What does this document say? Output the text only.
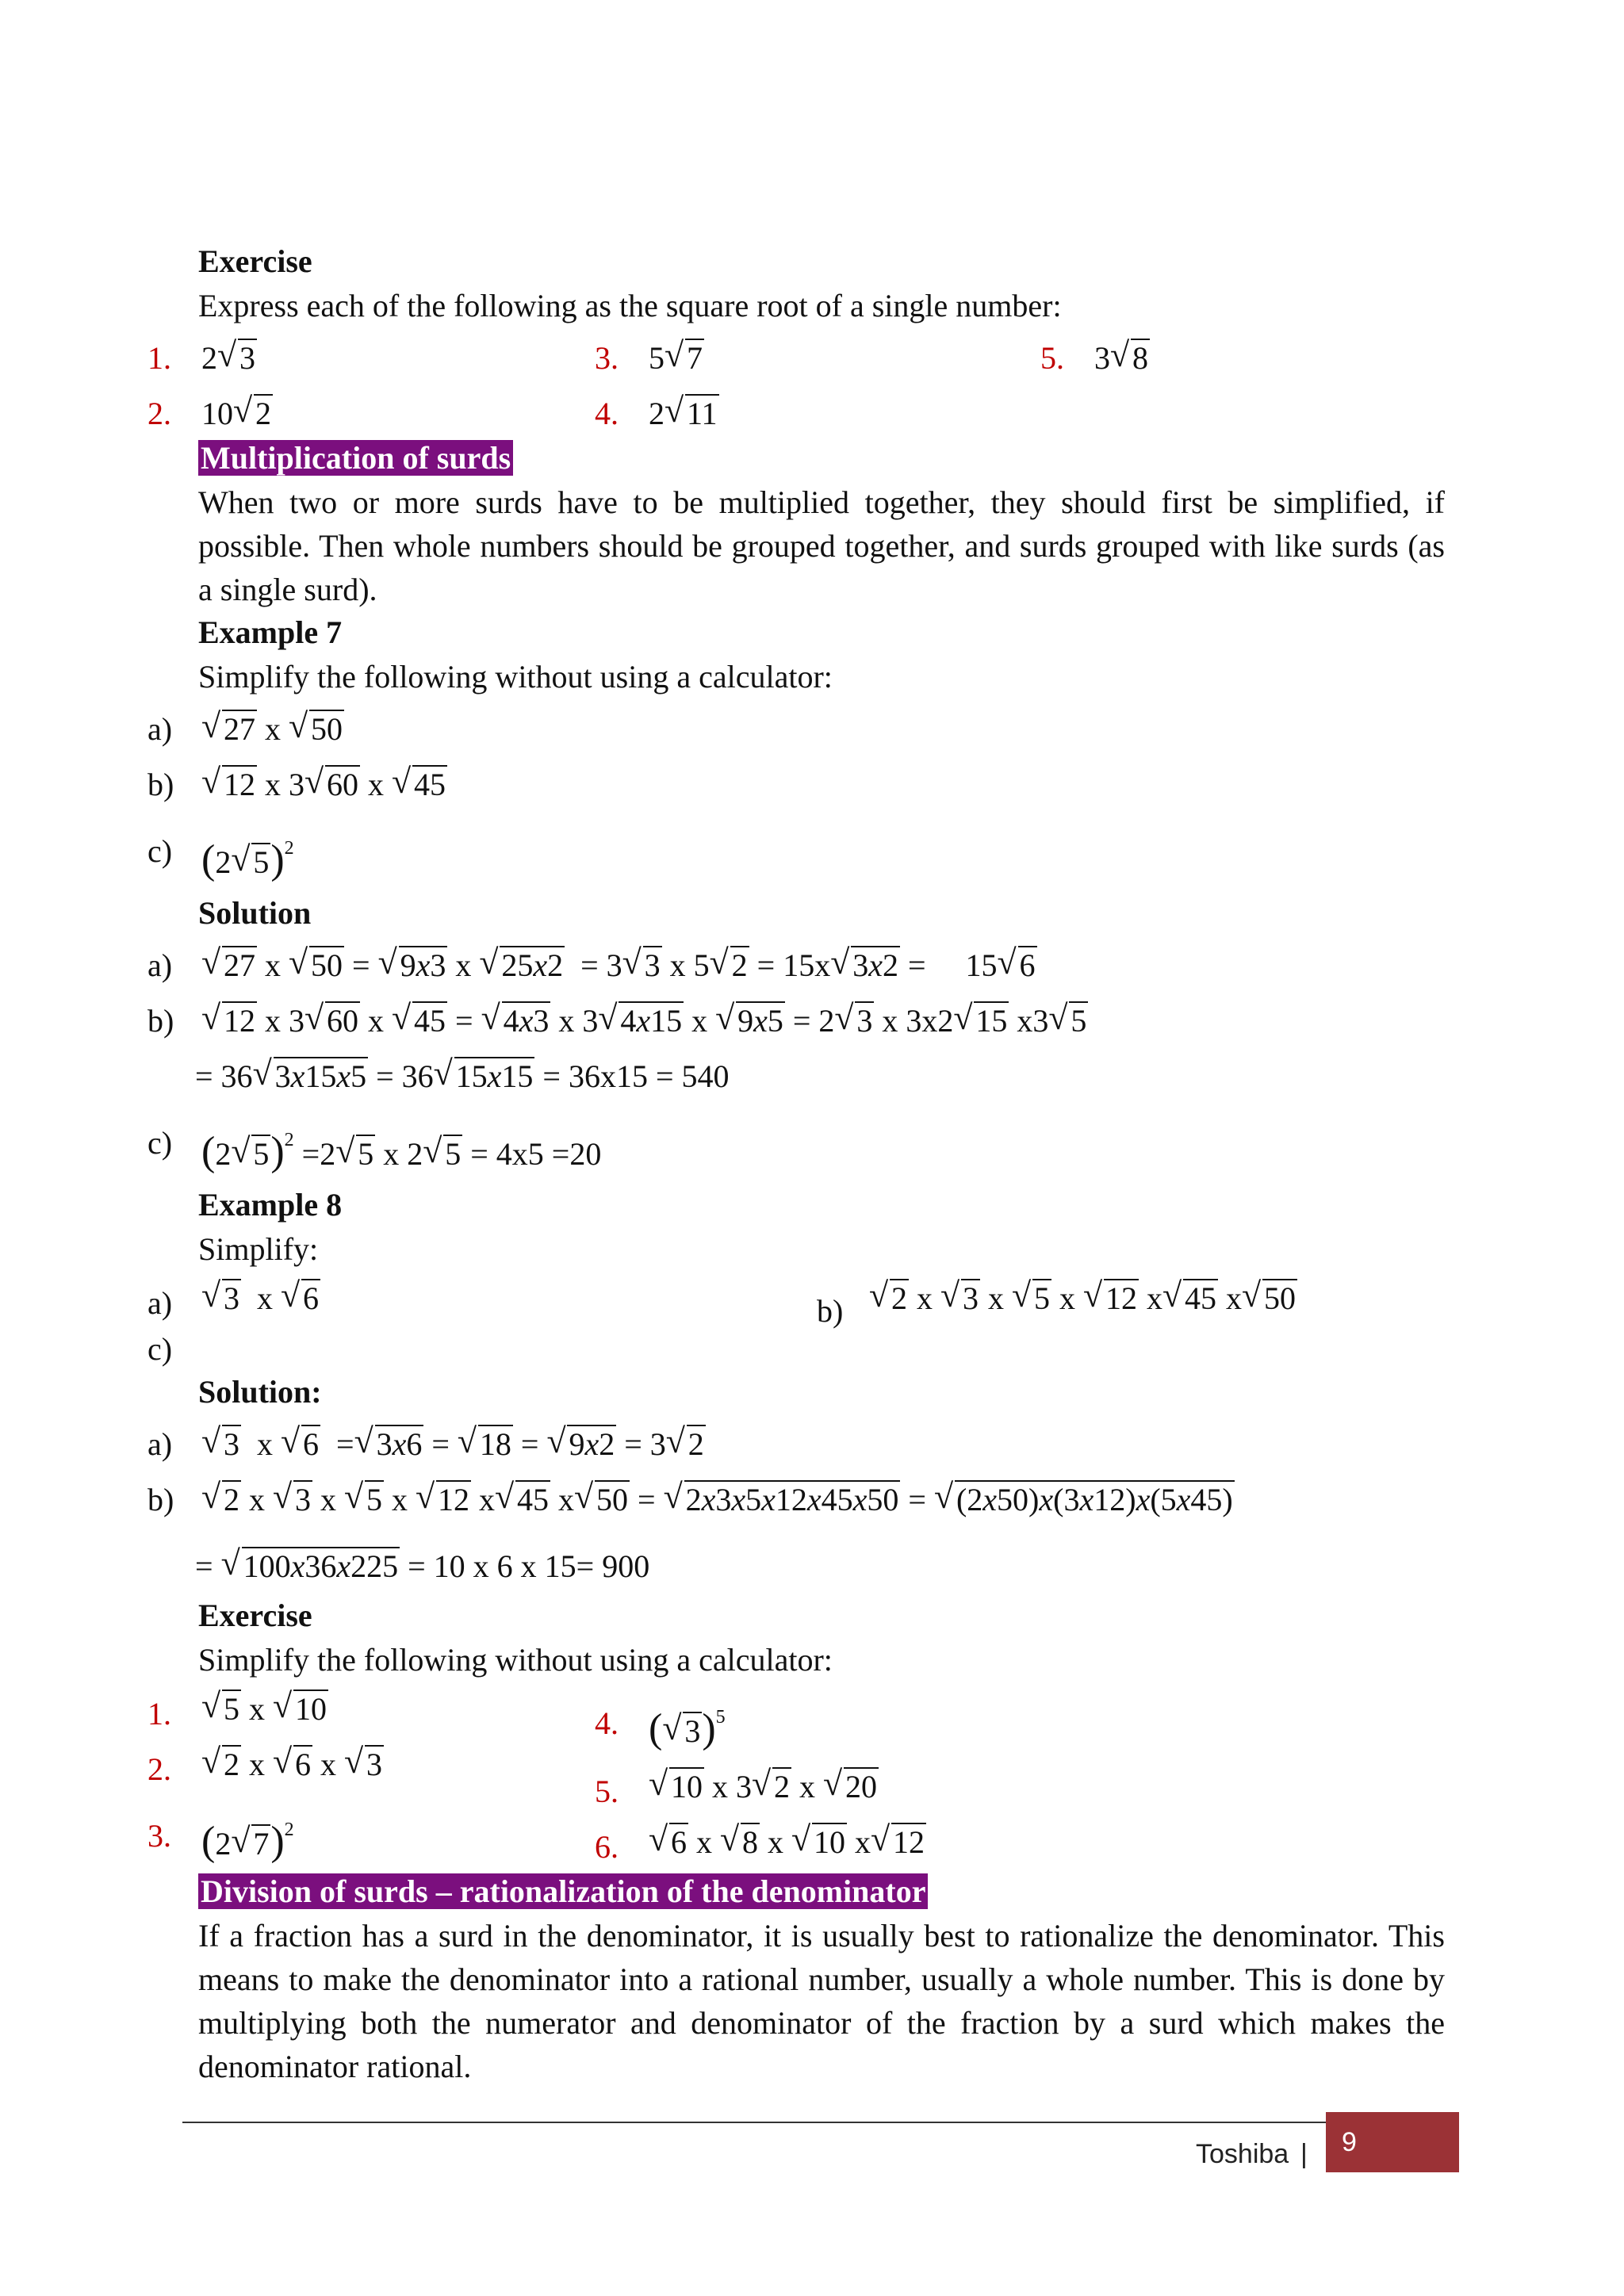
Exercise
Express each of the following as the square root of a single number:
1. 2 √ 3	3. 5 √ 7	5. 3 √ 8
2. 10 √ 2	4. 2 √ 11
Multiplication of surds
When two or more surds have to be multiplied together, they should first be simplified, if possible. Then whole numbers should be grouped together, and surds grouped with like surds (as a single surd).
Example 7
Simplify the following without using a calculator:
a)	√ 27 x √ 50
b)	√ 12 x 3 √ 60 x √ 45
c) (2 √ 5)$^2$
Solution
a)	√ 27 x √ 50 = √ 9x3 x √ 25x2  = 3 √ 3 x 5 √ 2 = 15x √ 3x2 =     15 √ 6
b)	√ 12 x 3 √ 60 x √ 45 = √ 4x3 x 3 √ 4x15 x √ 9x5 = 2 √ 3 x 3x2 √ 15 x3 √ 5
= 36 √ 3x15x5 = 36 √ 15x15 = 36x15 = 540
c) (2 √ 5)$^2$ =2 √ 5 x 2 √ 5 = 4x5 =20
Example 8
Simplify:
a)	√ 3  x √ 6	b)	√ 2 x √ 3 x √ 5 x √ 12 x √ 45 x √ 50
c)
Solution:
a)	√ 3  x √ 6  = √ 3x6 = √ 18 = √ 9x2 = 3 √ 2
b)	√ 2 x √ 3 x √ 5 x √ 12 x √ 45 x √ 50 = √ 2x3x5x12x45x50 = √ (2x50)x(3x12)x(5x45)
= √ 100x36x225 = 10 x 6 x 15= 900
Exercise
Simplify the following without using a calculator:
1.	√ 5 x √ 10
2.	√ 2 x √ 6 x √ 3
3. (2 √ 7)$^2$
4. ( √ 3)$^5$
5.	√ 10 x 3 √ 2 x √ 20
6.	√ 6 x √ 8 x √ 10 x √ 12
Division of surds – rationalization of the denominator
If a fraction has a surd in the denominator, it is usually best to rationalize the denominator. This means to make the denominator into a rational number, usually a whole number. This is done by multiplying both the numerator and denominator of the fraction by a surd which makes the denominator rational.
Toshiba | 9
